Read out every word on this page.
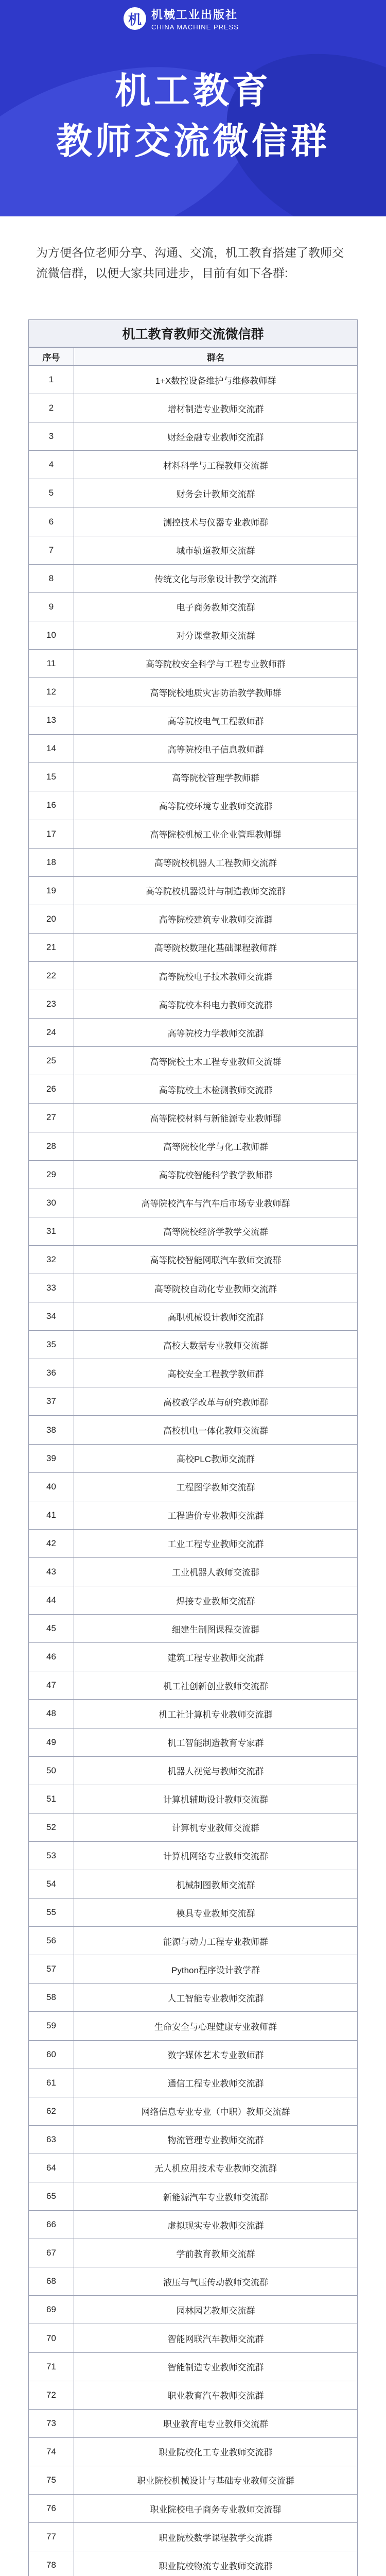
机 机械工业出版社
CHINA MACHINE PRESS
机工教育
教师交流微信群
为方便各位老师分享、沟通、交流，机工教育搭建了教师交流微信群，以便大家共同进步，目前有如下各群:
机工教育教师交流微信群
序号	群名
1	1+X数控设备维护与维修教师群
2	增材制造专业教师交流群
3	财经金融专业教师交流群
4	材料科学与工程教师交流群
5	财务会计教师交流群
6	测控技术与仪器专业教师群
7	城市轨道教师交流群
8	传统文化与形象设计教学交流群
9	电子商务教师交流群
10	对分课堂教师交流群
11	高等院校安全科学与工程专业教师群
12	高等院校地质灾害防治教学教师群
13	高等院校电气工程教师群
14	高等院校电子信息教师群
15	高等院校管理学教师群
16	高等院校环境专业教师交流群
17	高等院校机械工业企业管理教师群
18	高等院校机器人工程教师交流群
19	高等院校机器设计与制造教师交流群
20	高等院校建筑专业教师交流群
21	高等院校数理化基础课程教师群
22	高等院校电子技术教师交流群
23	高等院校本科电力教师交流群
24	高等院校力学教师交流群
25	高等院校土木工程专业教师交流群
26	高等院校土木检测教师交流群
27	高等院校材料与新能源专业教师群
28	高等院校化学与化工教师群
29	高等院校智能科学教学教师群
30	高等院校汽车与汽车后市场专业教师群
31	高等院校经济学教学交流群
32	高等院校智能网联汽车教师交流群
33	高等院校自动化专业教师交流群
34	高职机械设计教师交流群
35	高校大数据专业教师交流群
36	高校安全工程教学教师群
37	高校教学改革与研究教师群
38	高校机电一体化教师交流群
39	高校PLC教师交流群
40	工程图学教师交流群
41	工程造价专业教师交流群
42	工业工程专业教师交流群
43	工业机器人教师交流群
44	焊接专业教师交流群
45	细建生制图课程交流群
46	建筑工程专业教师交流群
47	机工社创新创业教师交流群
48	机工社计算机专业教师交流群
49	机工智能制造教育专家群
50	机器人视觉与教师交流群
51	计算机辅助设计教师交流群
52	计算机专业教师交流群
53	计算机网络专业教师交流群
54	机械制图教师交流群
55	模具专业教师交流群
56	能源与动力工程专业教师群
57	Python程序设计教学群
58	人工智能专业教师交流群
59	生命安全与心理健康专业教师群
60	数字媒体艺术专业教师群
61	通信工程专业教师交流群
62	网络信息专业专业（中职）教师交流群
63	物流管理专业教师交流群
64	无人机应用技术专业教师交流群
65	新能源汽车专业教师交流群
66	虚拟现实专业教师交流群
67	学前教育教师交流群
68	液压与气压传动教师交流群
69	园林园艺教师交流群
70	智能网联汽车教师交流群
71	智能制造专业教师交流群
72	职业教育汽车教师交流群
73	职业教育电专业教师交流群
74	职业院校化工专业教师交流群
75	职业院校机械设计与基础专业教师交流群
76	职业院校电子商务专业教师交流群
77	职业院校数学课程教学交流群
78	职业院校物流专业教师交流群
